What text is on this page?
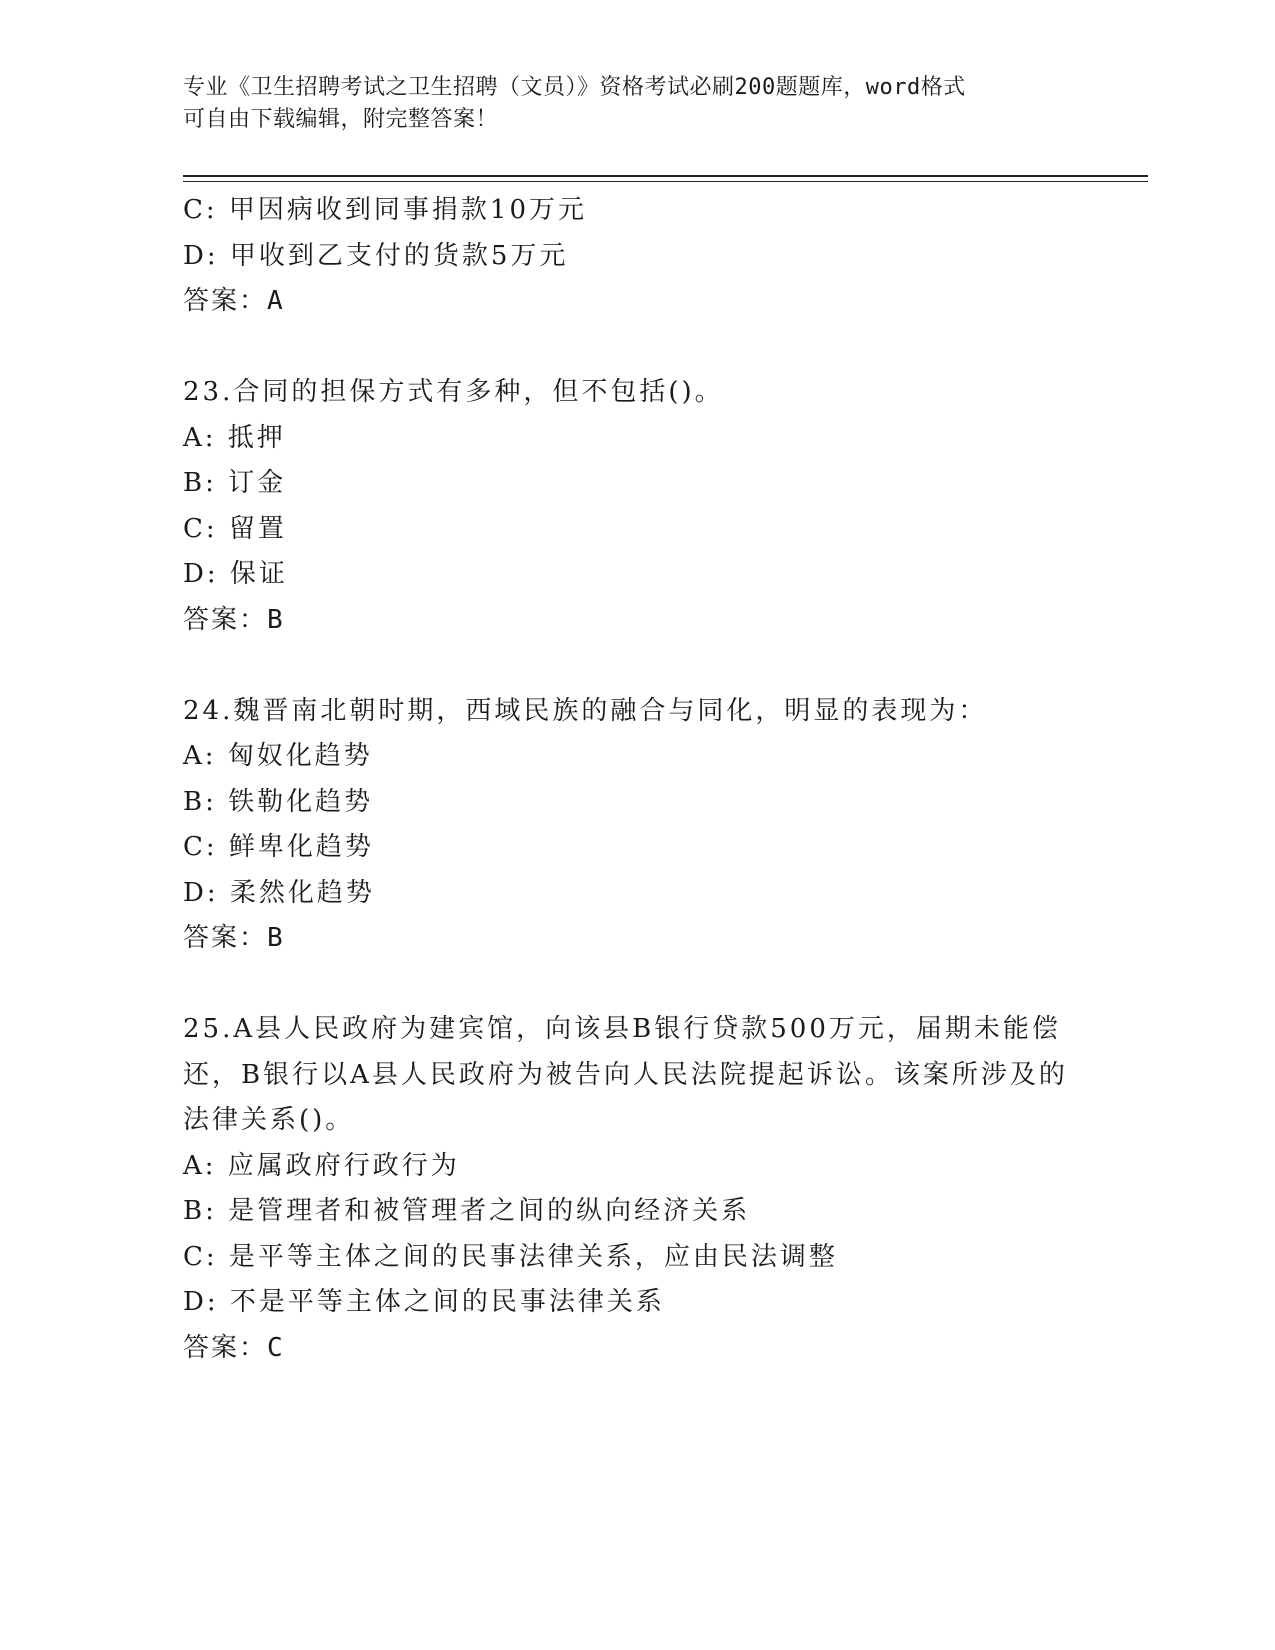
专业《卫生招聘考试之卫生招聘（文员）》资格考试必刷200题题库，word格式
可自由下载编辑，附完整答案！
C: 甲因病收到同事捐款10万元
D: 甲收到乙支付的货款5万元
答案：A
23.合同的担保方式有多种，但不包括()。
A: 抵押
B: 订金
C: 留置
D: 保证
答案：B
24.魏晋南北朝时期，西域民族的融合与同化，明显的表现为：
A: 匈奴化趋势
B: 铁勒化趋势
C: 鲜卑化趋势
D: 柔然化趋势
答案：B
25.A县人民政府为建宾馆，向该县B银行贷款500万元，届期未能偿
还，B银行以A县人民政府为被告向人民法院提起诉讼。该案所涉及的
法律关系()。
A: 应属政府行政行为
B: 是管理者和被管理者之间的纵向经济关系
C: 是平等主体之间的民事法律关系，应由民法调整
D: 不是平等主体之间的民事法律关系
答案：C
